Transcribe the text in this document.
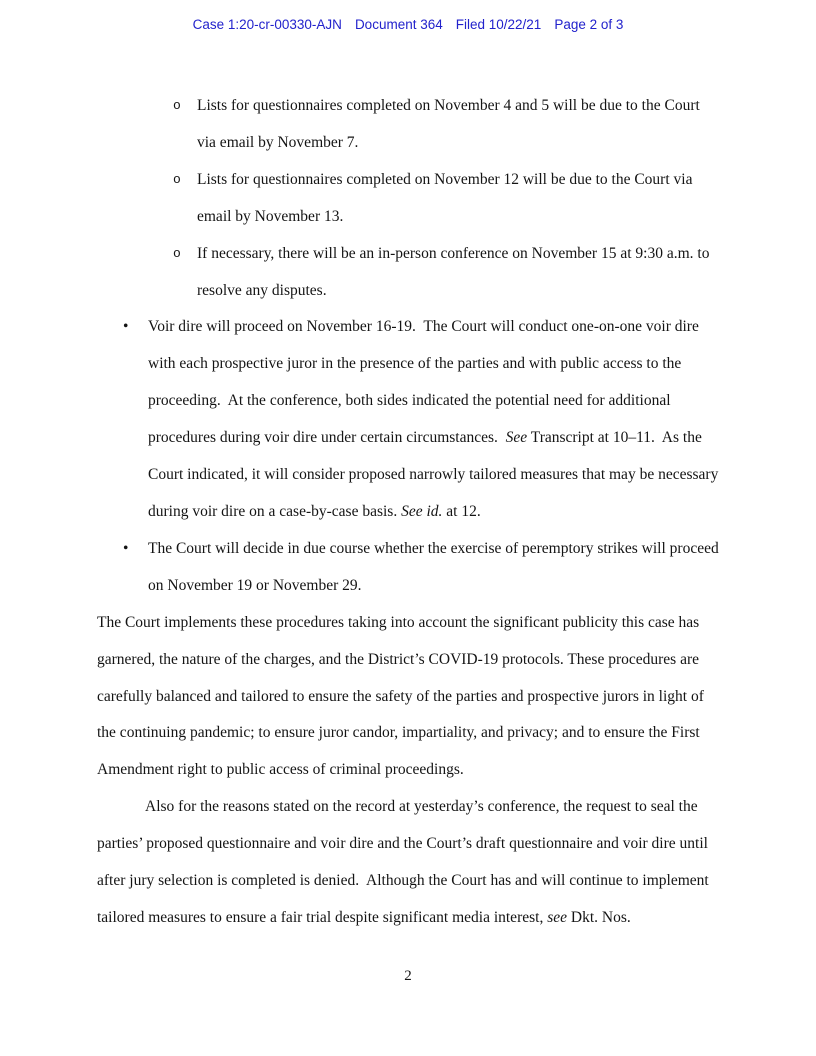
Case 1:20-cr-00330-AJN Document 364 Filed 10/22/21 Page 2 of 3
o Lists for questionnaires completed on November 4 and 5 will be due to the Court via email by November 7.
o Lists for questionnaires completed on November 12 will be due to the Court via email by November 13.
o If necessary, there will be an in-person conference on November 15 at 9:30 a.m. to resolve any disputes.
• Voir dire will proceed on November 16-19.  The Court will conduct one-on-one voir dire with each prospective juror in the presence of the parties and with public access to the proceeding.  At the conference, both sides indicated the potential need for additional procedures during voir dire under certain circumstances.  See Transcript at 10–11.  As the Court indicated, it will consider proposed narrowly tailored measures that may be necessary during voir dire on a case-by-case basis. See id. at 12.
• The Court will decide in due course whether the exercise of peremptory strikes will proceed on November 19 or November 29.

The Court implements these procedures taking into account the significant publicity this case has garnered, the nature of the charges, and the District’s COVID-19 protocols. These procedures are carefully balanced and tailored to ensure the safety of the parties and prospective jurors in light of the continuing pandemic; to ensure juror candor, impartiality, and privacy; and to ensure the First Amendment right to public access of criminal proceedings.

Also for the reasons stated on the record at yesterday’s conference, the request to seal the parties’ proposed questionnaire and voir dire and the Court’s draft questionnaire and voir dire until after jury selection is completed is denied.  Although the Court has and will continue to implement tailored measures to ensure a fair trial despite significant media interest, see Dkt. Nos.

2
